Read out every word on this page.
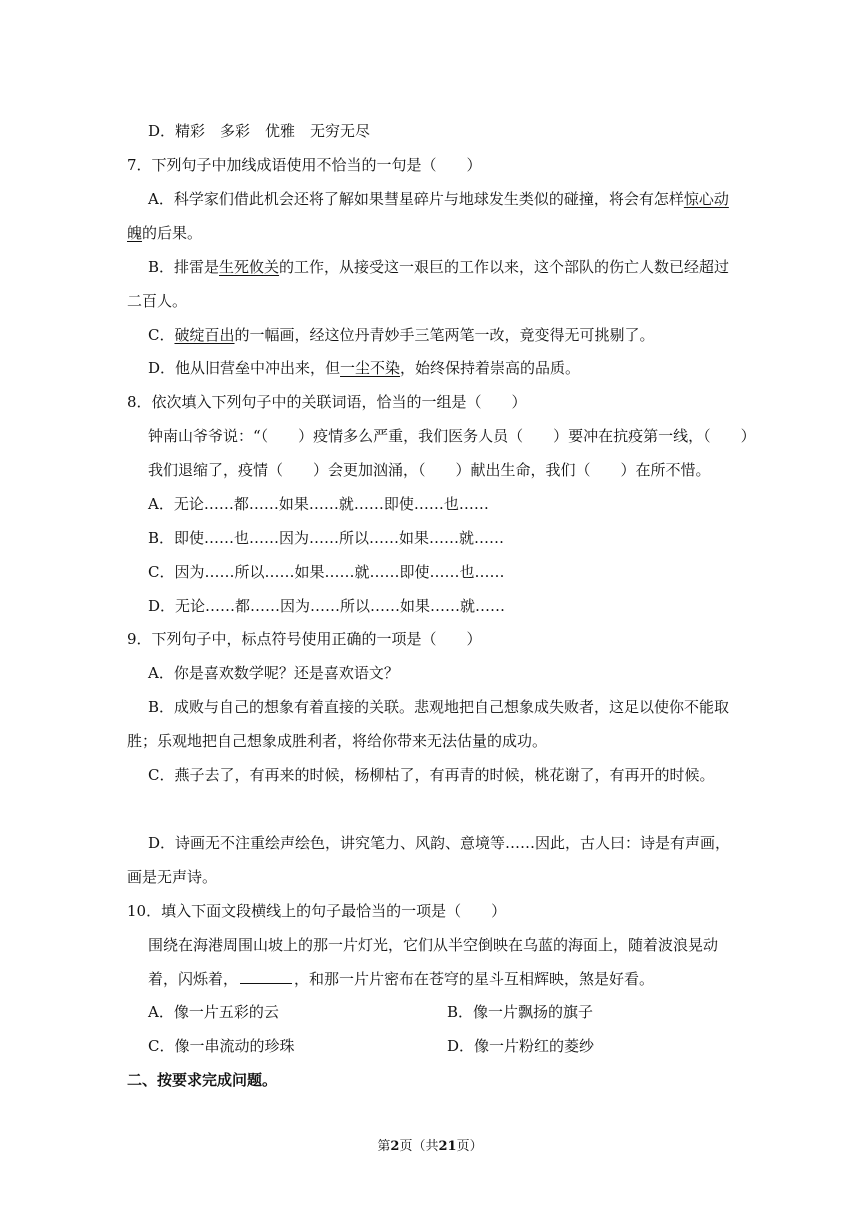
D．精彩　多彩　优雅　无穷无尽
7．下列句子中加线成语使用不恰当的一句是（　　）
A．科学家们借此机会还将了解如果彗星碎片与地球发生类似的碰撞，将会有怎样惊心动
魄的后果。
B．排雷是生死攸关的工作，从接受这一艰巨的工作以来，这个部队的伤亡人数已经超过
二百人。
C．破绽百出的一幅画，经这位丹青妙手三笔两笔一改，竟变得无可挑剔了。
D．他从旧营垒中冲出来，但一尘不染，始终保持着崇高的品质。
8．依次填入下列句子中的关联词语，恰当的一组是（　　）
钟南山爷爷说：“（　　）疫情多么严重，我们医务人员（　　）要冲在抗疫第一线，（　　）
我们退缩了，疫情（　　）会更加汹涌，（　　）献出生命，我们（　　）在所不惜。
A．无论……都……如果……就……即使……也……
B．即使……也……因为……所以……如果……就……
C．因为……所以……如果……就……即使……也……
D．无论……都……因为……所以……如果……就……
9．下列句子中，标点符号使用正确的一项是（　　）
A．你是喜欢数学呢？还是喜欢语文？
B．成败与自己的想象有着直接的关联。悲观地把自己想象成失败者，这足以使你不能取
胜；乐观地把自己想象成胜利者，将给你带来无法估量的成功。
C．燕子去了，有再来的时候，杨柳枯了，有再青的时候，桃花谢了，有再开的时候。
D．诗画无不注重绘声绘色，讲究笔力、风韵、意境等……因此，古人曰：诗是有声画，
画是无声诗。
10．填入下面文段横线上的句子最恰当的一项是（　　）
围绕在海港周围山坡上的那一片灯光，它们从半空倒映在乌蓝的海面上，随着波浪晃动
着，闪烁着，	，和那一片片密布在苍穹的星斗互相辉映，煞是好看。
A．像一片五彩的云	B．像一片飘扬的旗子
C．像一串流动的珍珠	D．像一片粉红的菱纱
二、按要求完成问题。
第2页（共21页）
